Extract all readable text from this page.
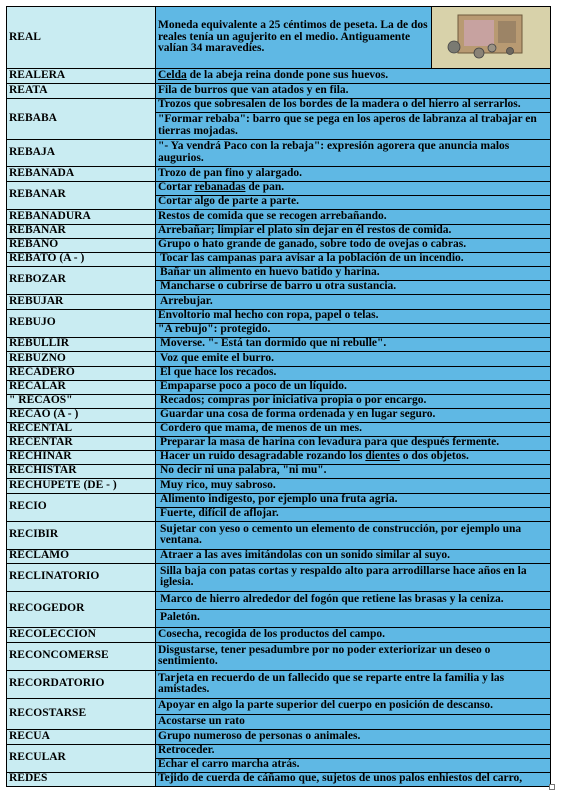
REAL	Moneda equivalente a 25 céntimos de peseta. La de dos reales tenía un agujerito en el medio. Antiguamente valían 34 maravedíes.	
REALERA	Celda de la abeja reina donde pone sus huevos.	
REATA	Fila de burros que van atados y en fila.	
REBABA	Trozos que sobresalen de los bordes de la madera o del hierro al serrarlos.	
	"Formar rebaba": barro que se pega en los aperos de labranza al trabajar en tierras mojadas.	
REBAJA	"- Ya vendrá Paco con la rebaja": expresión agorera que anuncia malos augurios.	
REBANADA	Trozo de pan fino y alargado.	
REBANAR	Cortar rebanadas de pan.	
	Cortar algo de parte a parte.	
REBANADURA	Restos de comida que se recogen arrebañando.	
REBAÑAR	Arrebañar; limpiar el plato sin dejar en él restos de comida.	
REBAÑO	Grupo o hato grande de ganado, sobre todo de ovejas o cabras.	
REBATO (A - )	Tocar las campanas para avisar a la población de un incendio.	
REBOZAR	Bañar un alimento en huevo batido y harina.	
	Mancharse o cubrirse de barro u otra sustancia.	
REBUJAR	Arrebujar.	
REBUJO	Envoltorio mal hecho con ropa, papel o telas.	
	"A rebujo": protegido.	
REBULLIR	Moverse. "- Está tan dormido que ni rebulle".	
REBUZNO	Voz que emite el burro.	
RECADERO	El que hace los recados.	
RECALAR	Empaparse poco a poco de un líquido.	
" RECAOS"	Recados; compras por iniciativa propia o por encargo.	
RECAO (A - )	Guardar una cosa de forma ordenada y en lugar seguro.	
RECENTAL	Cordero que mama, de menos de un mes.	
RECENTAR	Preparar la masa de harina con levadura para que después fermente.	
RECHINAR	Hacer un ruido desagradable rozando los dientes o dos objetos.	
RECHISTAR	No decir ni una palabra, "ni mu".	
RECHUPETE (DE - )	Muy rico, muy sabroso.	
RECIO	Alimento indigesto, por ejemplo una fruta agria.	
	Fuerte, difícil de aflojar.	
RECIBIR	Sujetar con yeso o cemento un elemento de construcción, por ejemplo una ventana.	
RECLAMO	Atraer a las aves imitándolas con un sonido similar al suyo.	
RECLINATORIO	Silla baja con patas cortas y respaldo alto para arrodillarse hace años en la iglesia.	
RECOGEDOR	Marco de hierro alrededor del fogón que retiene las brasas y la ceniza.	
	Paletón.	
RECOLECCION	Cosecha, recogida de los productos del campo.	
RECONCOMERSE	Disgustarse, tener pesadumbre por no poder exteriorizar un deseo o sentimiento.	
RECORDATORIO	Tarjeta en recuerdo de un fallecido que se reparte entre la familia y las amistades.	
RECOSTARSE	Apoyar en algo la parte superior del cuerpo en posición de descanso.	
	Acostarse un rato	
RECUA	Grupo numeroso de personas o animales.	
RECULAR	Retroceder.	
	Echar el carro marcha atrás.	
REDES	Tejido de cuerda de cáñamo que, sujetos de unos palos enhiestos del carro,	
